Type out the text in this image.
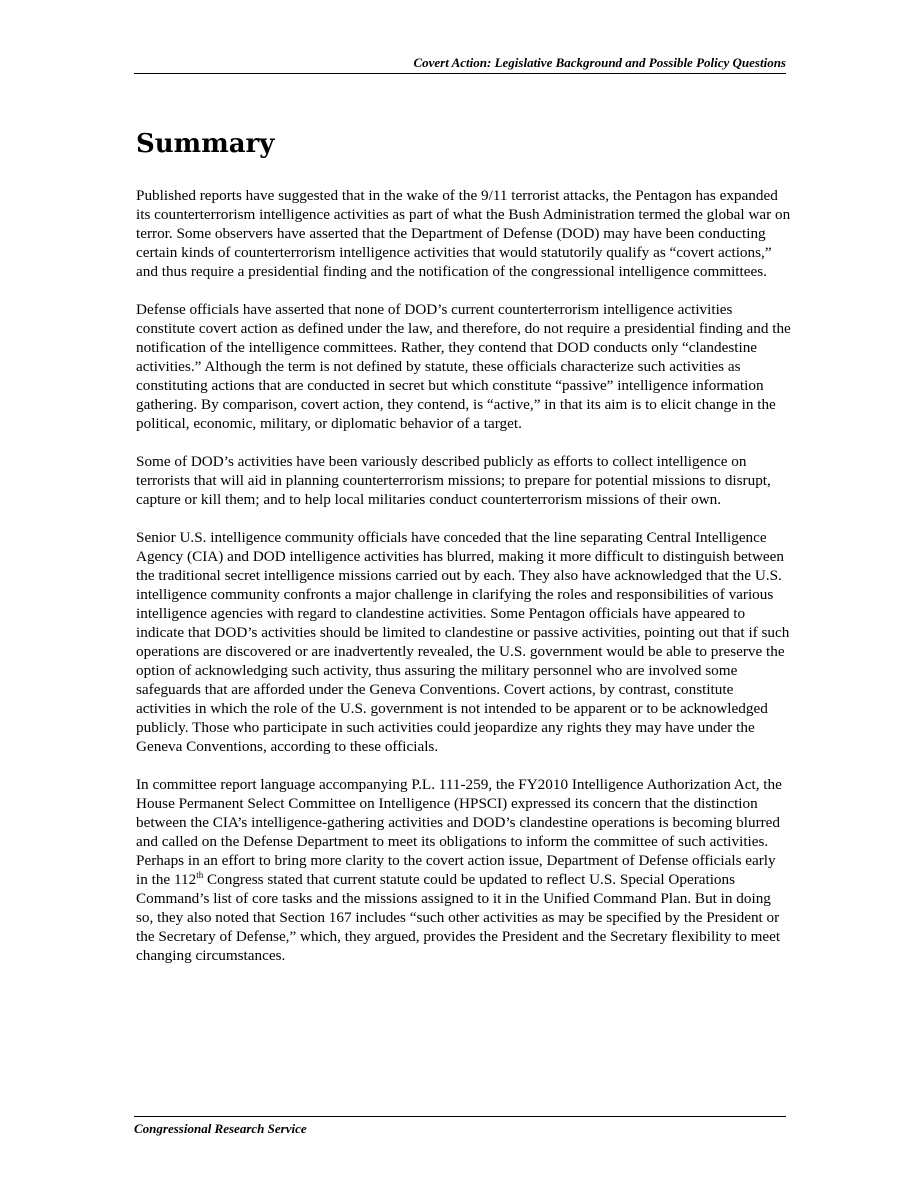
Covert Action: Legislative Background and Possible Policy Questions
Summary

Published reports have suggested that in the wake of the 9/11 terrorist attacks, the Pentagon has expanded its counterterrorism intelligence activities as part of what the Bush Administration termed the global war on terror. Some observers have asserted that the Department of Defense (DOD) may have been conducting certain kinds of counterterrorism intelligence activities that would statutorily qualify as “covert actions,” and thus require a presidential finding and the notification of the congressional intelligence committees.

Defense officials have asserted that none of DOD’s current counterterrorism intelligence activities constitute covert action as defined under the law, and therefore, do not require a presidential finding and the notification of the intelligence committees. Rather, they contend that DOD conducts only “clandestine activities.” Although the term is not defined by statute, these officials characterize such activities as constituting actions that are conducted in secret but which constitute “passive” intelligence information gathering. By comparison, covert action, they contend, is “active,” in that its aim is to elicit change in the political, economic, military, or diplomatic behavior of a target.

Some of DOD’s activities have been variously described publicly as efforts to collect intelligence on terrorists that will aid in planning counterterrorism missions; to prepare for potential missions to disrupt, capture or kill them; and to help local militaries conduct counterterrorism missions of their own.

Senior U.S. intelligence community officials have conceded that the line separating Central Intelligence Agency (CIA) and DOD intelligence activities has blurred, making it more difficult to distinguish between the traditional secret intelligence missions carried out by each. They also have acknowledged that the U.S. intelligence community confronts a major challenge in clarifying the roles and responsibilities of various intelligence agencies with regard to clandestine activities. Some Pentagon officials have appeared to indicate that DOD’s activities should be limited to clandestine or passive activities, pointing out that if such operations are discovered or are inadvertently revealed, the U.S. government would be able to preserve the option of acknowledging such activity, thus assuring the military personnel who are involved some safeguards that are afforded under the Geneva Conventions. Covert actions, by contrast, constitute activities in which the role of the U.S. government is not intended to be apparent or to be acknowledged publicly. Those who participate in such activities could jeopardize any rights they may have under the Geneva Conventions, according to these officials.

In committee report language accompanying P.L. 111-259, the FY2010 Intelligence Authorization Act, the House Permanent Select Committee on Intelligence (HPSCI) expressed its concern that the distinction between the CIA’s intelligence-gathering activities and DOD’s clandestine operations is becoming blurred and called on the Defense Department to meet its obligations to inform the committee of such activities. Perhaps in an effort to bring more clarity to the covert action issue, Department of Defense officials early in the 112th Congress stated that current statute could be updated to reflect U.S. Special Operations Command’s list of core tasks and the missions assigned to it in the Unified Command Plan. But in doing so, they also noted that Section 167 includes “such other activities as may be specified by the President or the Secretary of Defense,” which, they argued, provides the President and the Secretary flexibility to meet changing circumstances.

Congressional Research Service
